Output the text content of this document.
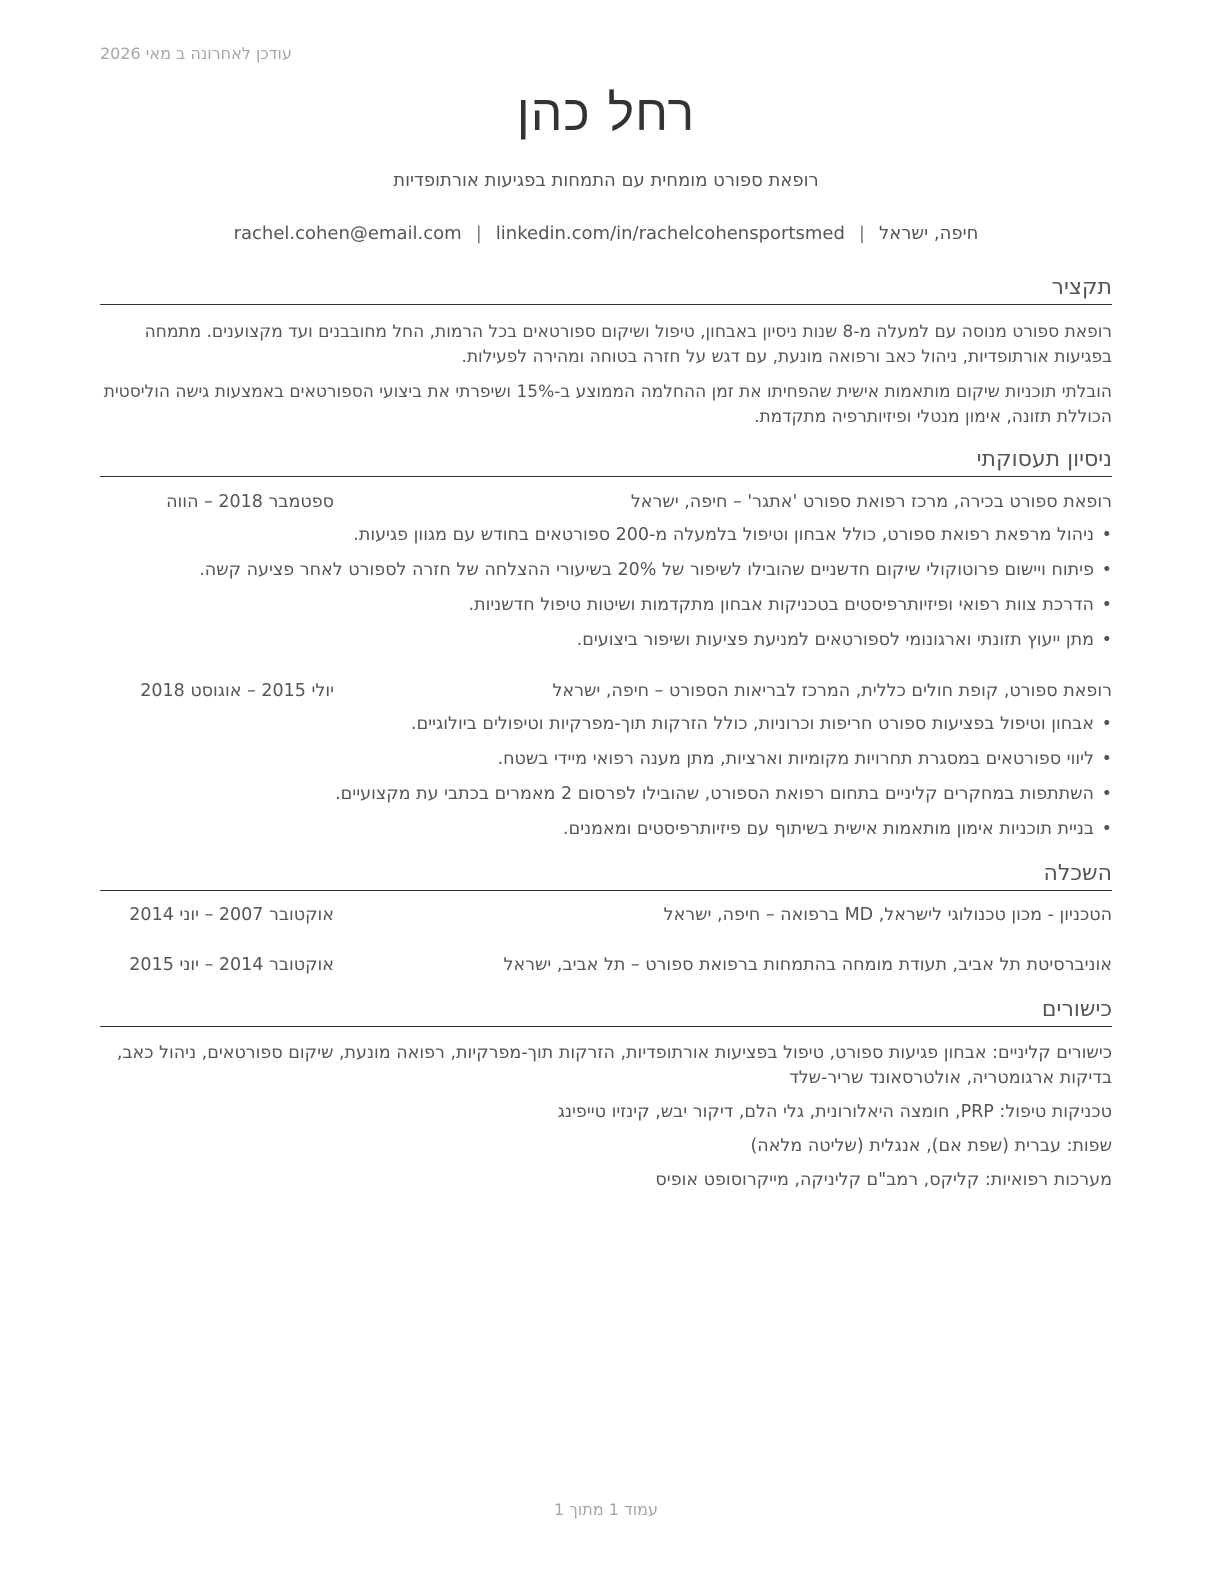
עודכן לאחרונה ב מאי 2026
רחל כהן
רופאת ספורט מומחית עם התמחות בפגיעות אורתופדיות
חיפה, ישראל|rachel.cohen@email.com | linkedin.com/in/rachelcohensportsmed
תקציר
רופאת ספורט מנוסה עם למעלה מ-8 שנות ניסיון באבחון, טיפול ושיקום ספורטאים בכל הרמות, החל מחובבנים ועד מקצוענים. מתמחה בפגיעות אורתופדיות, ניהול כאב ורפואה מונעת, עם דגש על חזרה בטוחה ומהירה לפעילות.
הובלתי תוכניות שיקום מותאמות אישית שהפחיתו את זמן ההחלמה הממוצע ב-15% ושיפרתי את ביצועי הספורטאים באמצעות גישה הוליסטית הכוללת תזונה, אימון מנטלי ופיזיותרפיה מתקדמת.
ניסיון תעסוקתי
רופאת ספורט בכירה, מרכז רפואת ספורט 'אתגר' – חיפה, ישראל
ספטמבר 2018 – הווה
• ניהול מרפאת רפואת ספורט, כולל אבחון וטיפול בלמעלה מ-200 ספורטאים בחודש עם מגוון פגיעות.
• פיתוח ויישום פרוטוקולי שיקום חדשניים שהובילו לשיפור של 20% בשיעורי ההצלחה של חזרה לספורט לאחר פציעה קשה.
• הדרכת צוות רפואי ופיזיותרפיסטים בטכניקות אבחון מתקדמות ושיטות טיפול חדשניות.
• מתן ייעוץ תזונתי וארגונומי לספורטאים למניעת פציעות ושיפור ביצועים.
רופאת ספורט, קופת חולים כללית, המרכז לבריאות הספורט – חיפה, ישראל
יולי 2015 – אוגוסט 2018
• אבחון וטיפול בפציעות ספורט חריפות וכרוניות, כולל הזרקות תוך-מפרקיות וטיפולים ביולוגיים.
• ליווי ספורטאים במסגרת תחרויות מקומיות וארציות, מתן מענה רפואי מיידי בשטח.
• השתתפות במחקרים קליניים בתחום רפואת הספורט, שהובילו לפרסום 2 מאמרים בכתבי עת מקצועיים.
• בניית תוכניות אימון מותאמות אישית בשיתוף עם פיזיותרפיסטים ומאמנים.
השכלה
הטכניון - מכון טכנולוגי לישראל, MD ברפואה – חיפה, ישראל
אוקטובר 2007 – יוני 2014
אוניברסיטת תל אביב, תעודת מומחה בהתמחות ברפואת ספורט – תל אביב, ישראל
אוקטובר 2014 – יוני 2015
כישורים
כישורים קליניים: אבחון פגיעות ספורט, טיפול בפציעות אורתופדיות, הזרקות תוך-מפרקיות, רפואה מונעת, שיקום ספורטאים, ניהול כאב, בדיקות ארגומטריה, אולטרסאונד שריר-שלד
טכניקות טיפול: PRP, חומצה היאלורונית, גלי הלם, דיקור יבש, קינזיו טייפינג
שפות: עברית (שפת אם), אנגלית (שליטה מלאה)
מערכות רפואיות: קליקס, רמב"ם קליניקה, מייקרוסופט אופיס
עמוד 1 מתוך 1
